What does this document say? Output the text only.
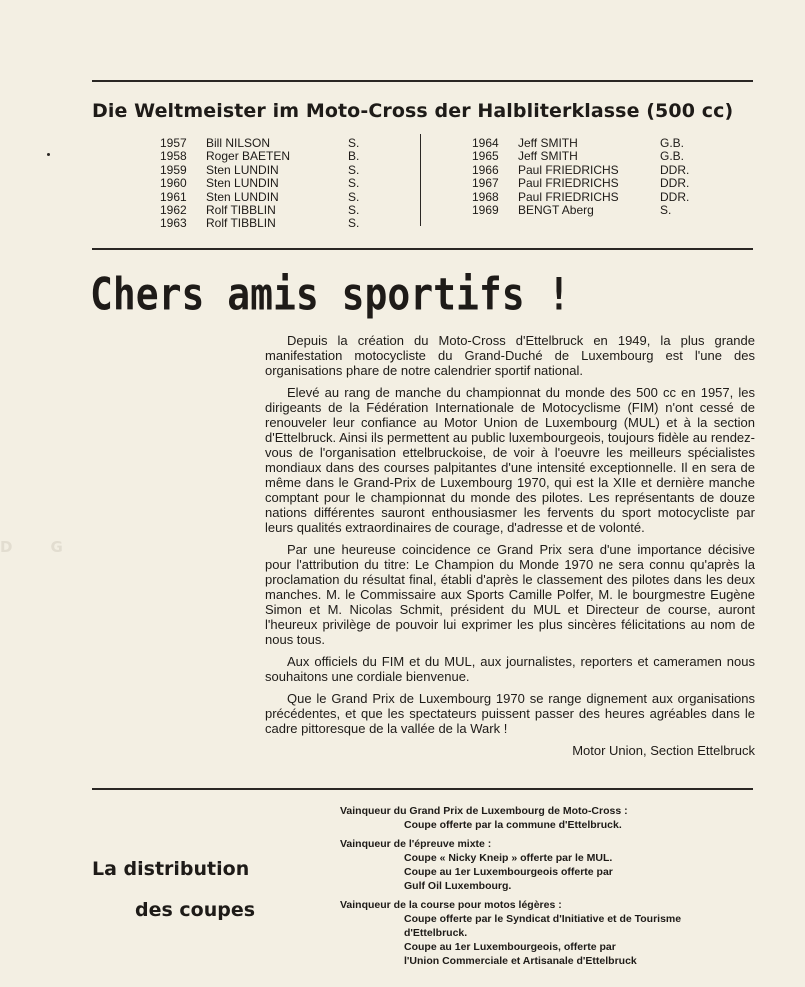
DG
Die Weltmeister im Moto-Cross der Halbliterklasse (500 cc)
1957 Bill NILSON	S.
1958 Roger BAETEN	B.
1959 Sten LUNDIN	S.
1960 Sten LUNDIN	S.
1961 Sten LUNDIN	S.
1962 Rolf TIBBLIN	S.
1963 Rolf TIBBLIN	S.
1964 Jeff SMITH	G.B.
1965 Jeff SMITH	G.B.
1966 Paul FRIEDRICHS	DDR.
1967 Paul FRIEDRICHS	DDR.
1968 Paul FRIEDRICHS	DDR.
1969 BENGT Aberg	S.
Chers amis sportifs !

Depuis la création du Moto-Cross d'Ettelbruck en 1949, la plus grande manifestation motocycliste du Grand-Duché de Luxembourg est l'une des organisations phare de notre calendrier sportif national.

Elevé au rang de manche du championnat du monde des 500 cc en 1957, les dirigeants de la Fédération Internationale de Motocyclisme (FIM) n'ont cessé de renouveler leur confiance au Motor Union de Luxembourg (MUL) et à la section d'Ettelbruck. Ainsi ils permettent au public luxembourgeois, toujours fidèle au rendez-vous de l'organisation ettelbruckoise, de voir à l'oeuvre les meilleurs spécialistes mondiaux dans des courses palpitantes d'une intensité exceptionnelle. Il en sera de même dans le Grand-Prix de Luxembourg 1970, qui est la XIIe et dernière manche comptant pour le championnat du monde des pilotes. Les représentants de douze nations différentes sauront enthousiasmer les fervents du sport motocycliste par leurs qualités extraordinaires de courage, d'adresse et de volonté.

Par une heureuse coincidence ce Grand Prix sera d'une importance décisive pour l'attribution du titre: Le Champion du Monde 1970 ne sera connu qu'après la proclamation du résultat final, établi d'après le classement des pilotes dans les deux manches. M. le Commissaire aux Sports Camille Polfer, M. le bourgmestre Eugène Simon et M. Nicolas Schmit, président du MUL et Directeur de course, auront l'heureux privilège de pouvoir lui exprimer les plus sincères félicitations au nom de nous tous.

Aux officiels du FIM et du MUL, aux journalistes, reporters et cameramen nous souhaitons une cordiale bienvenue.

Que le Grand Prix de Luxembourg 1970 se range dignement aux organisations précédentes, et que les spectateurs puissent passer des heures agréables dans le cadre pittoresque de la vallée de la Wark !

Motor Union, Section Ettelbruck
La distribution
des coupes
Vainqueur du Grand Prix de Luxembourg de Moto-Cross :
Coupe offerte par la commune d'Ettelbruck.
Vainqueur de l'épreuve mixte :
Coupe « Nicky Kneip » offerte par le MUL.
Coupe au 1er Luxembourgeois offerte par
Gulf Oil Luxembourg.
Vainqueur de la course pour motos légères :
Coupe offerte par le Syndicat d'Initiative et de Tourisme
d'Ettelbruck.
Coupe au 1er Luxembourgeois, offerte par
l'Union Commerciale et Artisanale d'Ettelbruck
